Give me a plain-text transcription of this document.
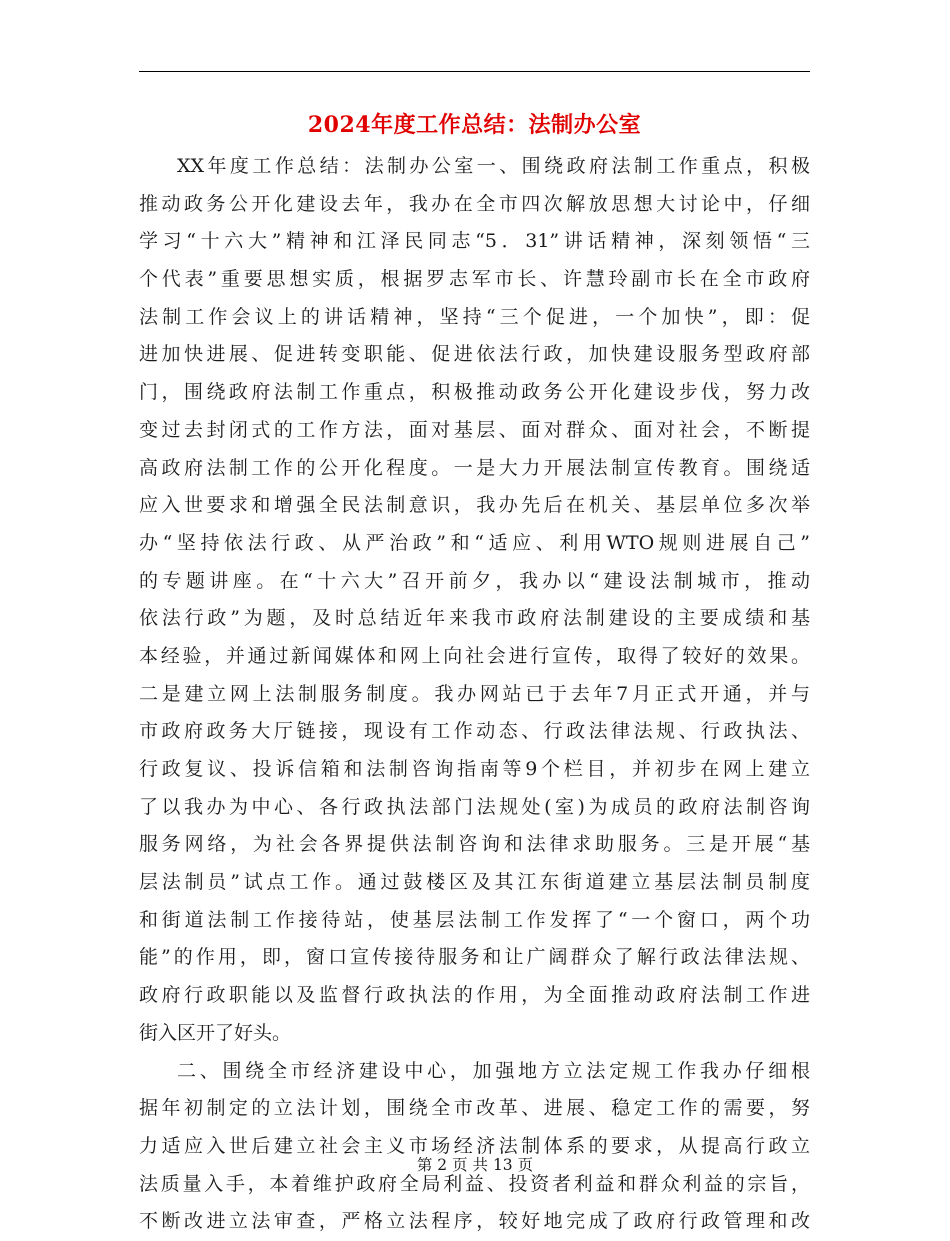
2024年度工作总结：法制办公室
XX年度工作总结：法制办公室一、围绕政府法制工作重点，积极
推动政务公开化建设去年，我办在全市四次解放思想大讨论中，仔细
学习“十六大”精神和江泽民同志“5．31”讲话精神，深刻领悟“三
个代表”重要思想实质，根据罗志军市长、许慧玲副市长在全市政府
法制工作会议上的讲话精神，坚持“三个促进，一个加快”，即：促
进加快进展、促进转变职能、促进依法行政，加快建设服务型政府部
门，围绕政府法制工作重点，积极推动政务公开化建设步伐，努力改
变过去封闭式的工作方法，面对基层、面对群众、面对社会，不断提
高政府法制工作的公开化程度。一是大力开展法制宣传教育。围绕适
应入世要求和增强全民法制意识，我办先后在机关、基层单位多次举
办“坚持依法行政、从严治政”和“适应、利用WTO规则进展自己”
的专题讲座。在“十六大”召开前夕，我办以“建设法制城市，推动
依法行政”为题，及时总结近年来我市政府法制建设的主要成绩和基
本经验，并通过新闻媒体和网上向社会进行宣传，取得了较好的效果。
二是建立网上法制服务制度。我办网站已于去年7月正式开通，并与
市政府政务大厅链接，现设有工作动态、行政法律法规、行政执法、
行政复议、投诉信箱和法制咨询指南等9个栏目，并初步在网上建立
了以我办为中心、各行政执法部门法规处(室)为成员的政府法制咨询
服务网络，为社会各界提供法制咨询和法律求助服务。三是开展“基
层法制员”试点工作。通过鼓楼区及其江东街道建立基层法制员制度
和街道法制工作接待站，使基层法制工作发挥了“一个窗口，两个功
能”的作用，即，窗口宣传接待服务和让广阔群众了解行政法律法规、
政府行政职能以及监督行政执法的作用，为全面推动政府法制工作进
街入区开了好头。
二、围绕全市经济建设中心，加强地方立法定规工作我办仔细根
据年初制定的立法计划，围绕全市改革、进展、稳定工作的需要，努
力适应入世后建立社会主义市场经济法制体系的要求，从提高行政立
法质量入手，本着维护政府全局利益、投资者利益和群众利益的宗旨，
不断改进立法审查，严格立法程序，较好地完成了政府行政管理和改
第 2 页 共 13 页
